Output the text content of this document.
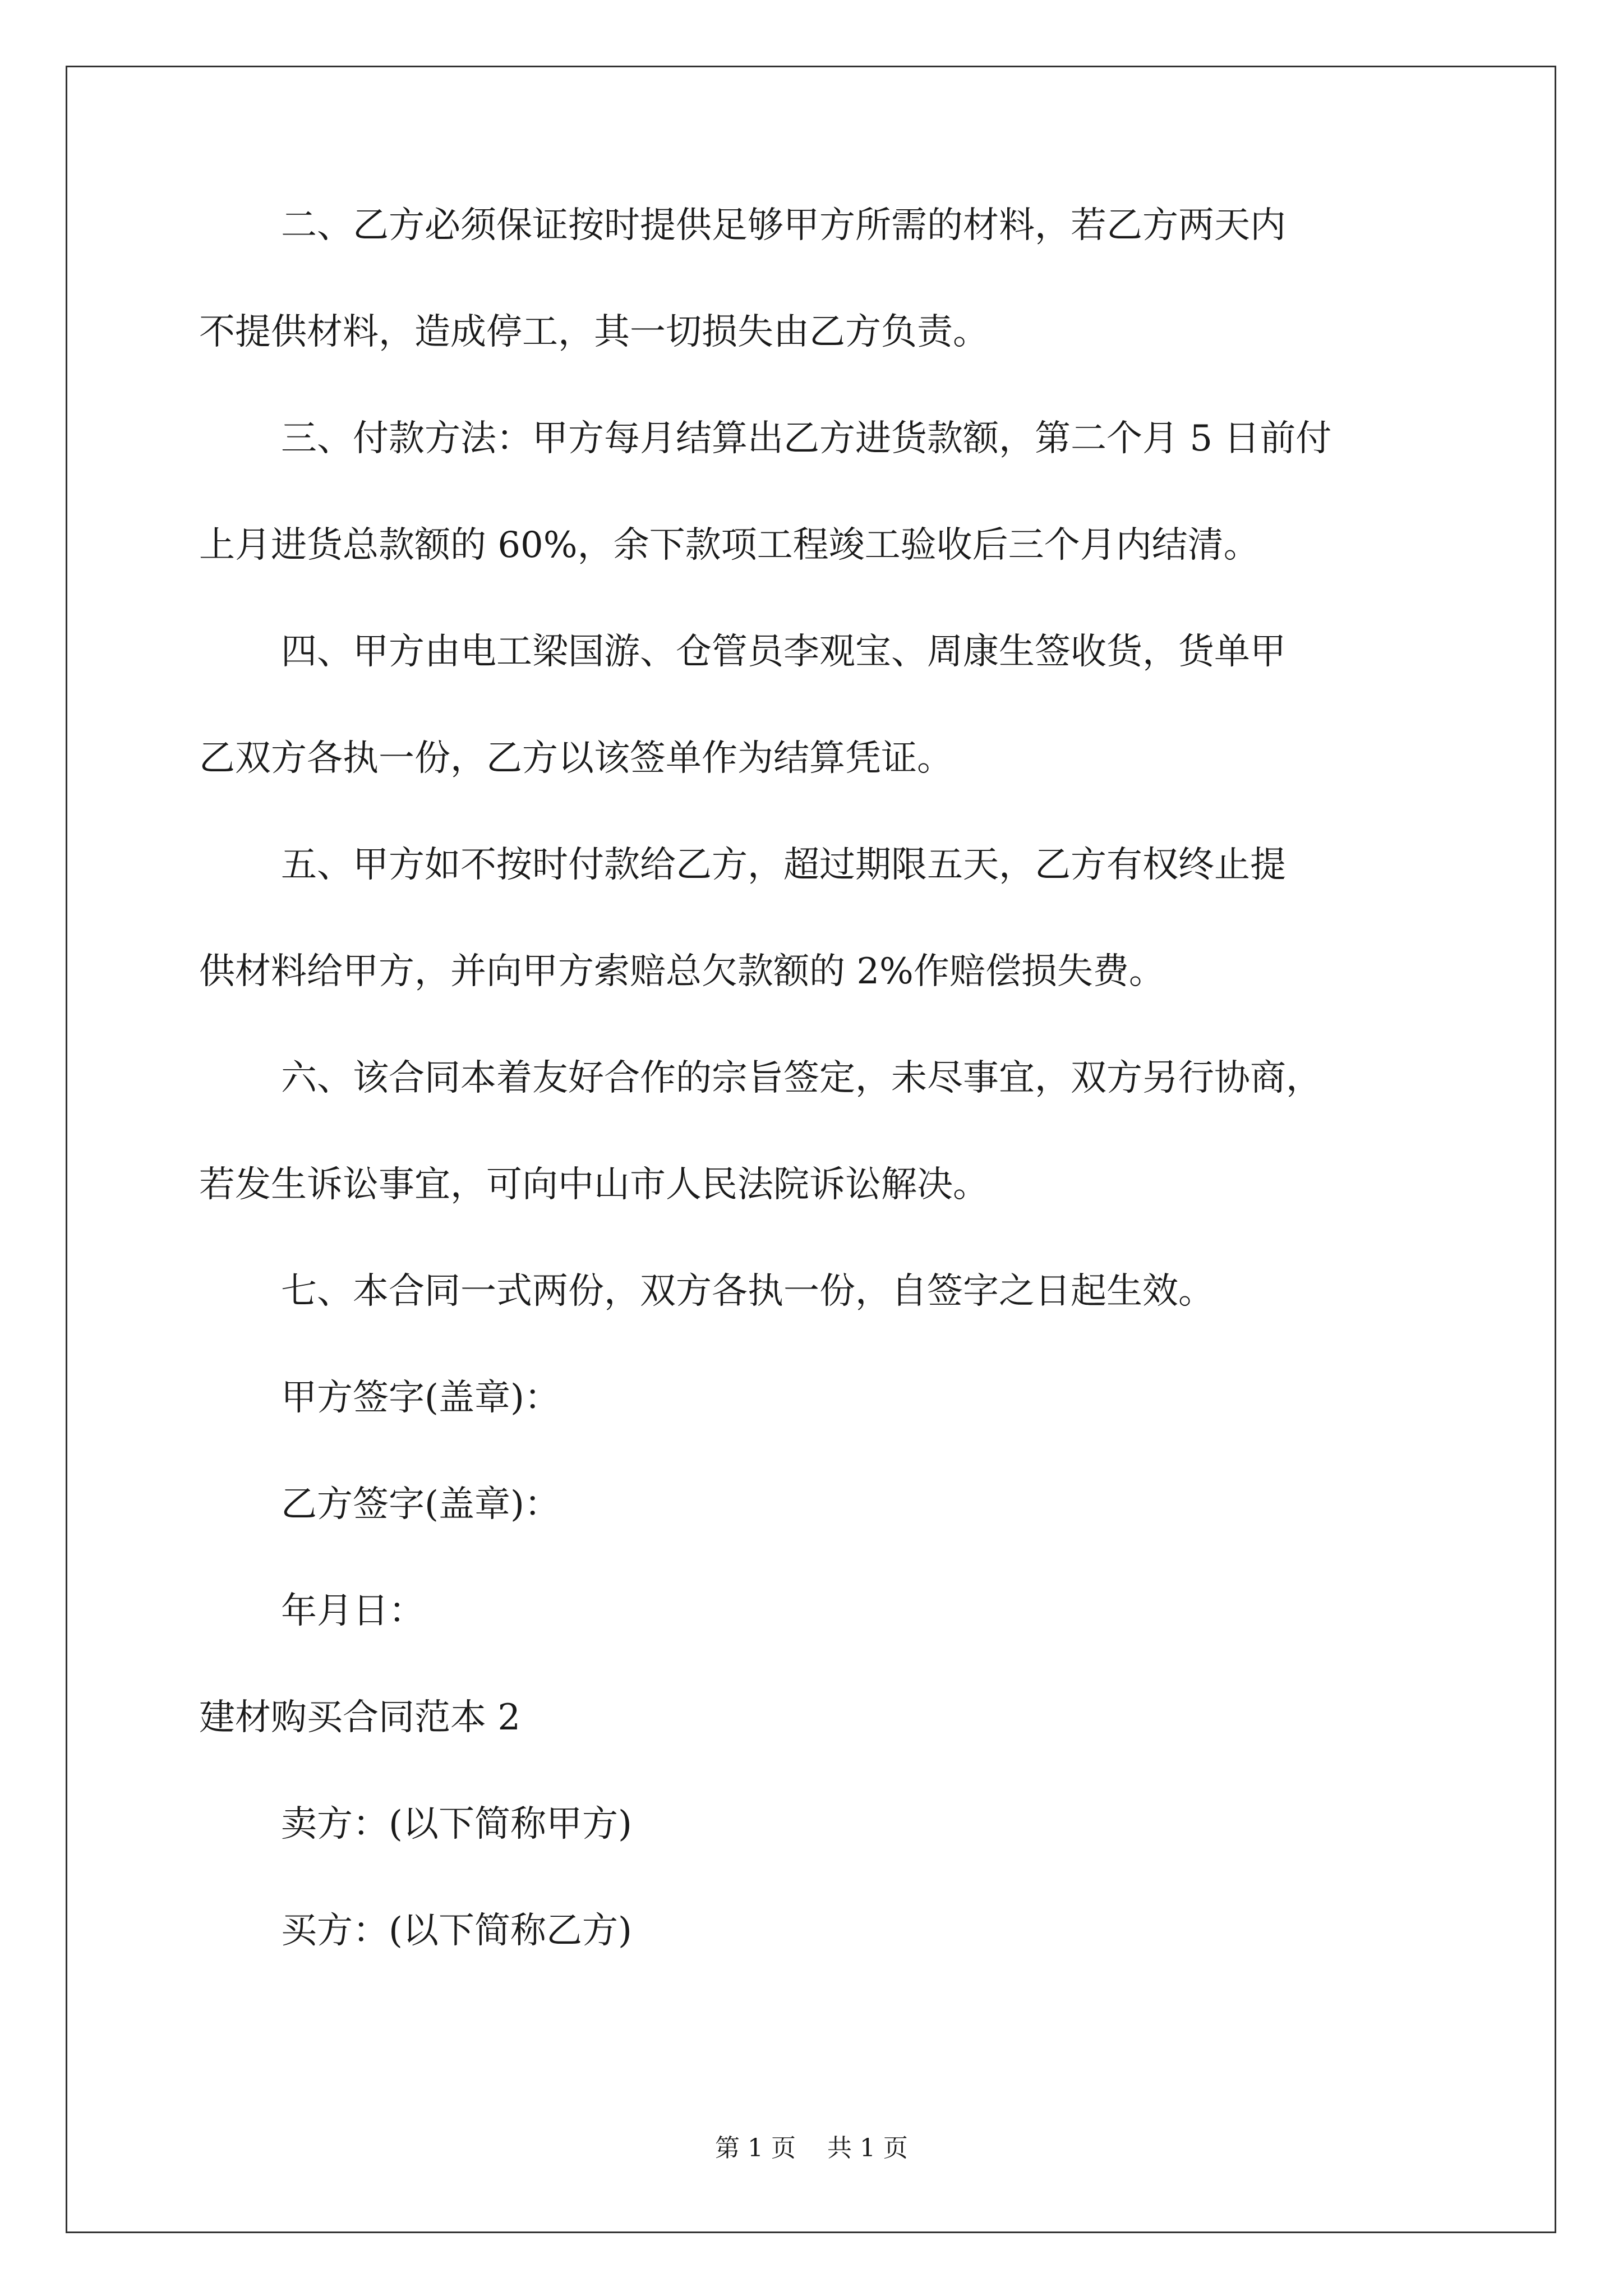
二、乙方必须保证按时提供足够甲方所需的材料，若乙方两天内
不提供材料，造成停工，其一切损失由乙方负责。
三、付款方法：甲方每月结算出乙方进货款额，第二个月 5 日前付
上月进货总款额的 60%，余下款项工程竣工验收后三个月内结清。
四、甲方由电工梁国游、仓管员李观宝、周康生签收货，货单甲
乙双方各执一份，乙方以该签单作为结算凭证。
五、甲方如不按时付款给乙方，超过期限五天，乙方有权终止提
供材料给甲方，并向甲方索赔总欠款额的 2%作赔偿损失费。
六、该合同本着友好合作的宗旨签定，未尽事宜，双方另行协商，
若发生诉讼事宜，可向中山市人民法院诉讼解决。
七、本合同一式两份，双方各执一份，自签字之日起生效。
甲方签字(盖章)：
乙方签字(盖章)：
年月日：
建材购买合同范本 2
卖方：(以下简称甲方)
买方：(以下简称乙方)
第 1 页    共 1 页
